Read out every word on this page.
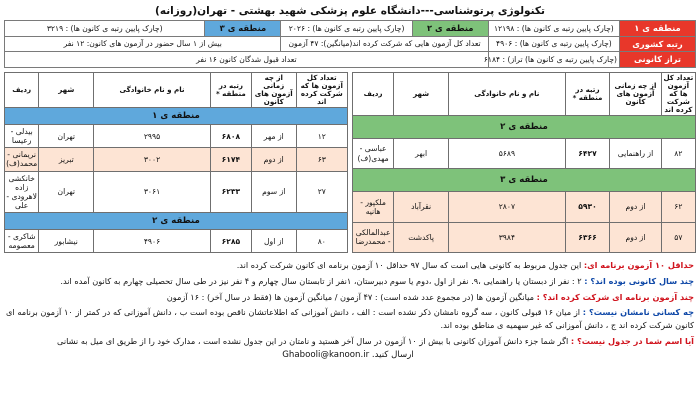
تکنولوژی پرتوشناسی---دانشگاه علوم پزشکی شهید بهشتی - تهران(روزانه)
منطقه ی ۱	(چارک پایین رتبه ی کانون ها) : ۱۲۱۹۸	منطقه ی ۲	(چارک پایین رتبه ی کانون ها) : ۲۰۲۶	منطقه ی ۳	(چارک پایین رتبه ی کانون ها) : ۳۲۱۹
رتبه کشوری	(چارک پایین رتبه ی کانون ها) : ۴۹۰۶	تعداد کل آزمون هایی که شرکت کرده اند(میانگین): ۴۷ آزمون		بیش از ۱ سال حضور در آزمون های کانون: ۱۲ نفر	
تراز کانونی	(چارک پایین رتبه ی کانون ها) تراز) : ۶۱۸۴	تعداد قبول شدگان کانون ۱۶ نفر			
تعداد کل آزمون ها که شرکت کرده اند	از چه زمانی آزمون های کانون	رتبه در منطقه *	نام و نام خانوادگی	شهر	ردیف
منطقه ی ۲					
۸۲	از راهنمایی	۶۴۲۷	۵۶۸۹	ابهر	عباسی - مهدی(ف)
منطقه ی ۳					
۶۲	از دوم	۵۹۳۰	۲۸۰۷	نقرآباد	ملکپور - هانیه
۵۷	از دوم	۶۳۶۶	۳۹۸۴	پاکدشت	عبدالمالکی - محمدرضا
تعداد کل آزمون ها که شرکت کرده اند	از چه زمانی آزمون های کانون	رتبه در منطقه *	نام و نام خانوادگی	شهر	ردیف
منطقه ی ۱					
۱۲	از مهر	۶۸۰۸	۲۹۹۵	تهران	بیدلی - رعیسا
۶۳	از دوم	۶۱۷۴	۳۰۰۲	تبریز	نریمانی - محمد(ف)
۲۷	از سوم	۶۲۳۳	۳۰۶۱	تهران	خانکشی زاده لاهرودی - علی
منطقه ی ۲					
۸۰	از اول	۶۲۸۵	۴۹۰۶	نیشابور	شاکری - معصومه

حداقل ۱۰ آزمون برنامه ای: این جدول مربوط به کانونی هایی است که سال ۹۷ حداقل ۱۰ آزمون برنامه ای کانون شرکت کرده اند.

چند سال کانونی بوده اند؟ : ۲ : نفر از دبستان یا راهنمایی ،۹. نفر از اول ،دوم یا سوم دبیرستان، ۱نفر از تابستان سال چهارم و ۴ نفر نیز در طی سال تحصیلی چهارم به کانون آمده اند.

چند آزمون برنامه ای شرکت کرده اند؟ : میانگین آزمون ها (در مجموع عدد شده است) : ۴۷ آزمون / میانگین آزمون ها (فقط در سال آخر) : ۱۶ آزمون

چه کسانی نامشان نیست؟ : از میان ۱۶ قبولی کانون ، سه گروه نامشان ذکر نشده است : الف ، دانش آموزانی که اطلاعاتشان ناقص بوده است ب ، دانش آموزانی که در کمتر از ۱۰ آزمون برنامه ای کانون شرکت کرده اند ج ، دانش آموزانی که غیر سهمیه ی مناطق بوده اند.

آیا اسم شما در جدول نیست؟ : اگر شما جزء دانش آموزان کانونی با بیش از ۱۰ آزمون در سال آخر هستید و نامتان در این جدول نشده است ، مدارک خود را از طریق ای میل به نشانی

Ghabooli@kanoon.ir ارسال کنید.
